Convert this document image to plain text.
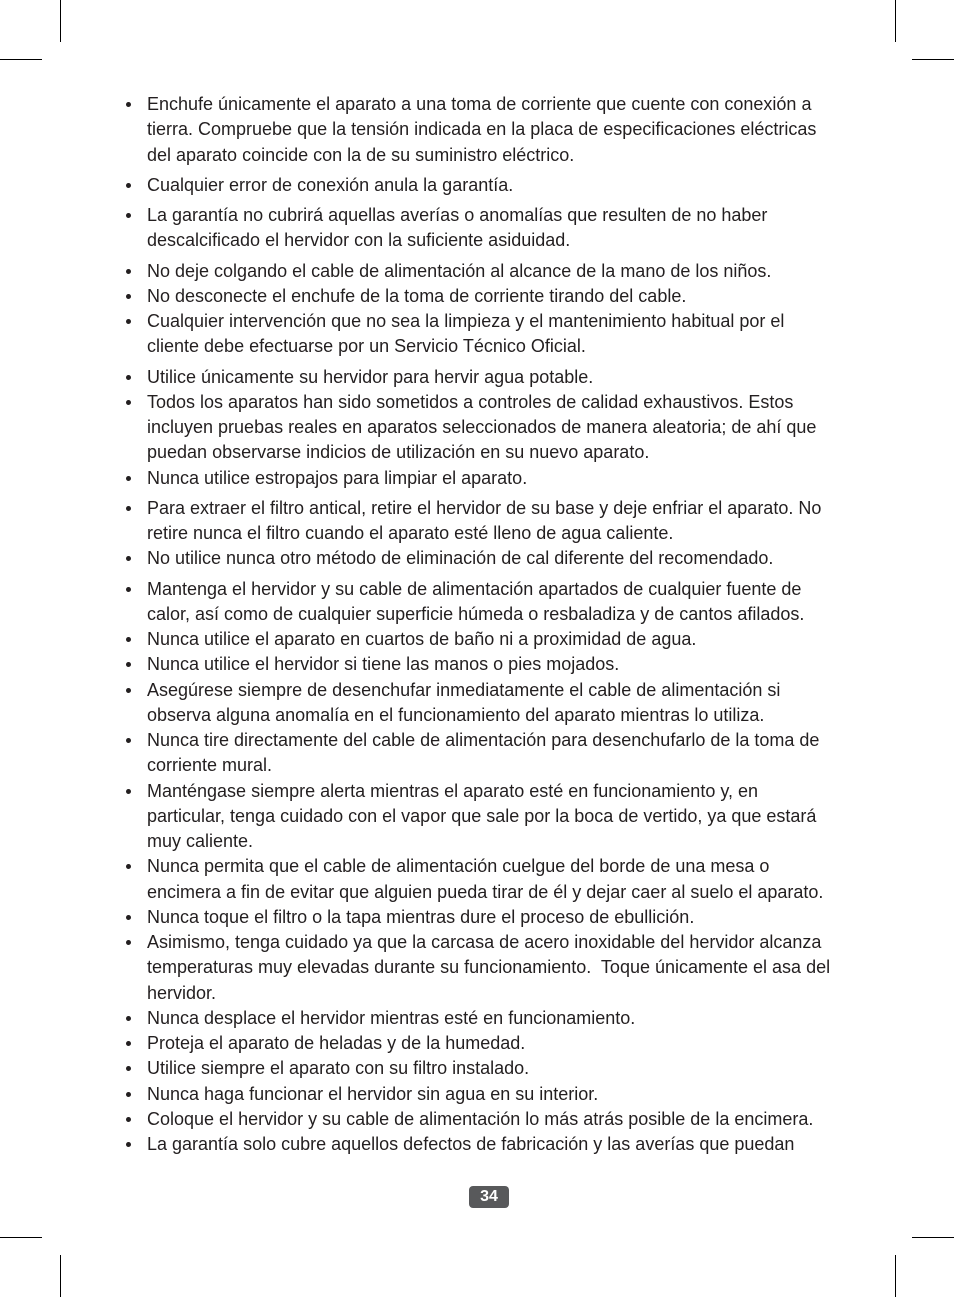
Enchufe únicamente el aparato a una toma de corriente que cuente con conexión a
tierra. Compruebe que la tensión indicada en la placa de especificaciones eléctricas
del aparato coincide con la de su suministro eléctrico.
Cualquier error de conexión anula la garantía.
La garantía no cubrirá aquellas averías o anomalías que resulten de no haber
descalcificado el hervidor con la suficiente asiduidad.
No deje colgando el cable de alimentación al alcance de la mano de los niños.
No desconecte el enchufe de la toma de corriente tirando del cable.
Cualquier intervención que no sea la limpieza y el mantenimiento habitual por el
cliente debe efectuarse por un Servicio Técnico Oficial.
Utilice únicamente su hervidor para hervir agua potable.
Todos los aparatos han sido sometidos a controles de calidad exhaustivos. Estos
incluyen pruebas reales en aparatos seleccionados de manera aleatoria; de ahí que
puedan observarse indicios de utilización en su nuevo aparato.
Nunca utilice estropajos para limpiar el aparato.
Para extraer el filtro antical, retire el hervidor de su base y deje enfriar el aparato. No
retire nunca el filtro cuando el aparato esté lleno de agua caliente.
No utilice nunca otro método de eliminación de cal diferente del recomendado.
Mantenga el hervidor y su cable de alimentación apartados de cualquier fuente de
calor, así como de cualquier superficie húmeda o resbaladiza y de cantos afilados.
Nunca utilice el aparato en cuartos de baño ni a proximidad de agua.
Nunca utilice el hervidor si tiene las manos o pies mojados.
Asegúrese siempre de desenchufar inmediatamente el cable de alimentación si
observa alguna anomalía en el funcionamiento del aparato mientras lo utiliza.
Nunca tire directamente del cable de alimentación para desenchufarlo de la toma de
corriente mural.
Manténgase siempre alerta mientras el aparato esté en funcionamiento y, en
particular, tenga cuidado con el vapor que sale por la boca de vertido, ya que estará
muy caliente.
Nunca permita que el cable de alimentación cuelgue del borde de una mesa o
encimera a fin de evitar que alguien pueda tirar de él y dejar caer al suelo el aparato.
Nunca toque el filtro o la tapa mientras dure el proceso de ebullición.
Asimismo, tenga cuidado ya que la carcasa de acero inoxidable del hervidor alcanza
temperaturas muy elevadas durante su funcionamiento.  Toque únicamente el asa del
hervidor.
Nunca desplace el hervidor mientras esté en funcionamiento.
Proteja el aparato de heladas y de la humedad.
Utilice siempre el aparato con su filtro instalado.
Nunca haga funcionar el hervidor sin agua en su interior.
Coloque el hervidor y su cable de alimentación lo más atrás posible de la encimera.
La garantía solo cubre aquellos defectos de fabricación y las averías que puedan
34
